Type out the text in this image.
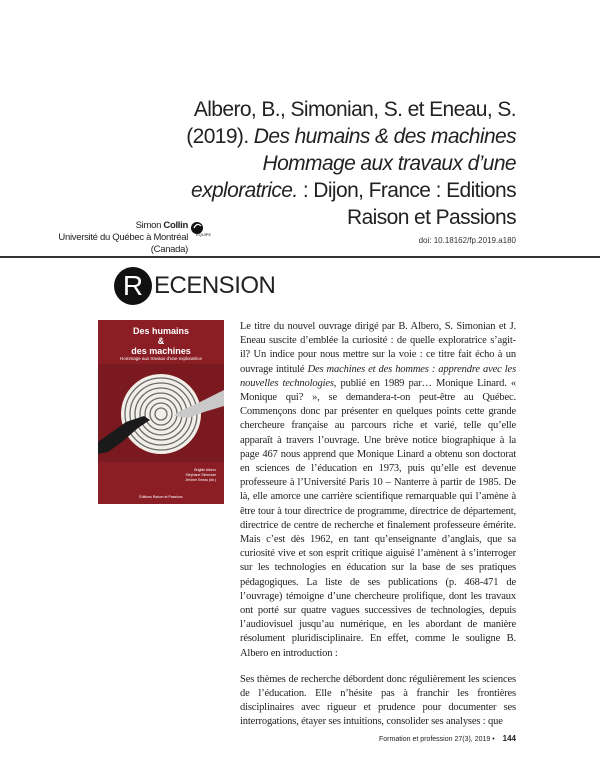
Albero, B., Simonian, S. et Eneau, S. (2019). Des humains & des machines Hommage aux travaux d’une exploratrice. : Dijon, France : Editions Raison et Passions
Simon Collin
Université du Québec à Montréal (Canada)
ÉQUIPE
doi: 10.18162/fp.2019.a180
R ECENSION
Des humains
&
des machines
Hommage aux travaux d’une exploratrice
Brigitte Albero
Stéphane Simonian
Jérôme Eneau (dir.)
Éditions Raison et Passions

Le titre du nouvel ouvrage dirigé par B. Albero, S. Simonian et J. Eneau suscite d’emblée la curiosité : de quelle exploratrice s’agit-il? Un indice pour nous mettre sur la voie : ce titre fait écho à un ouvrage intitulé Des machines et des hommes : apprendre avec les nouvelles technologies, publié en 1989 par… Monique Linard. « Monique qui? », se demandera-t-on peut-être au Québec. Commençons donc par présenter en quelques points cette grande chercheure française au parcours riche et varié, telle qu’elle apparaît à travers l’ouvrage. Une brève notice biographique à la page 467 nous apprend que Monique Linard a obtenu son doctorat en sciences de l’éducation en 1973, puis qu’elle est devenue professeure à l’Université Paris 10 – Nanterre à partir de 1985. De là, elle amorce une carrière scientifique remarquable qui l’amène à être tour à tour directrice de programme, directrice de département, directrice de centre de recherche et finalement professeure émérite. Mais c’est dès 1962, en tant qu’enseignante d’anglais, que sa curiosité vive et son esprit critique aiguisé l’amènent à s’interroger sur les technologies en éducation sur la base de ses pratiques pédagogiques. La liste de ses publications (p. 468-471 de l’ouvrage) témoigne d’une chercheure prolifique, dont les travaux ont porté sur quatre vagues successives de technologies, depuis l’audiovisuel jusqu’au numérique, en les abordant de manière résolument pluridisciplinaire. En effet, comme le souligne B. Albero en introduction :

Ses thèmes de recherche débordent donc régulièrement les sciences de l’éducation. Elle n’hésite pas à franchir les frontières disciplinaires avec rigueur et prudence pour documenter ses interrogations, étayer ses intuitions, consolider ses analyses : que

Formation et profession 27(3), 2019 • 144
